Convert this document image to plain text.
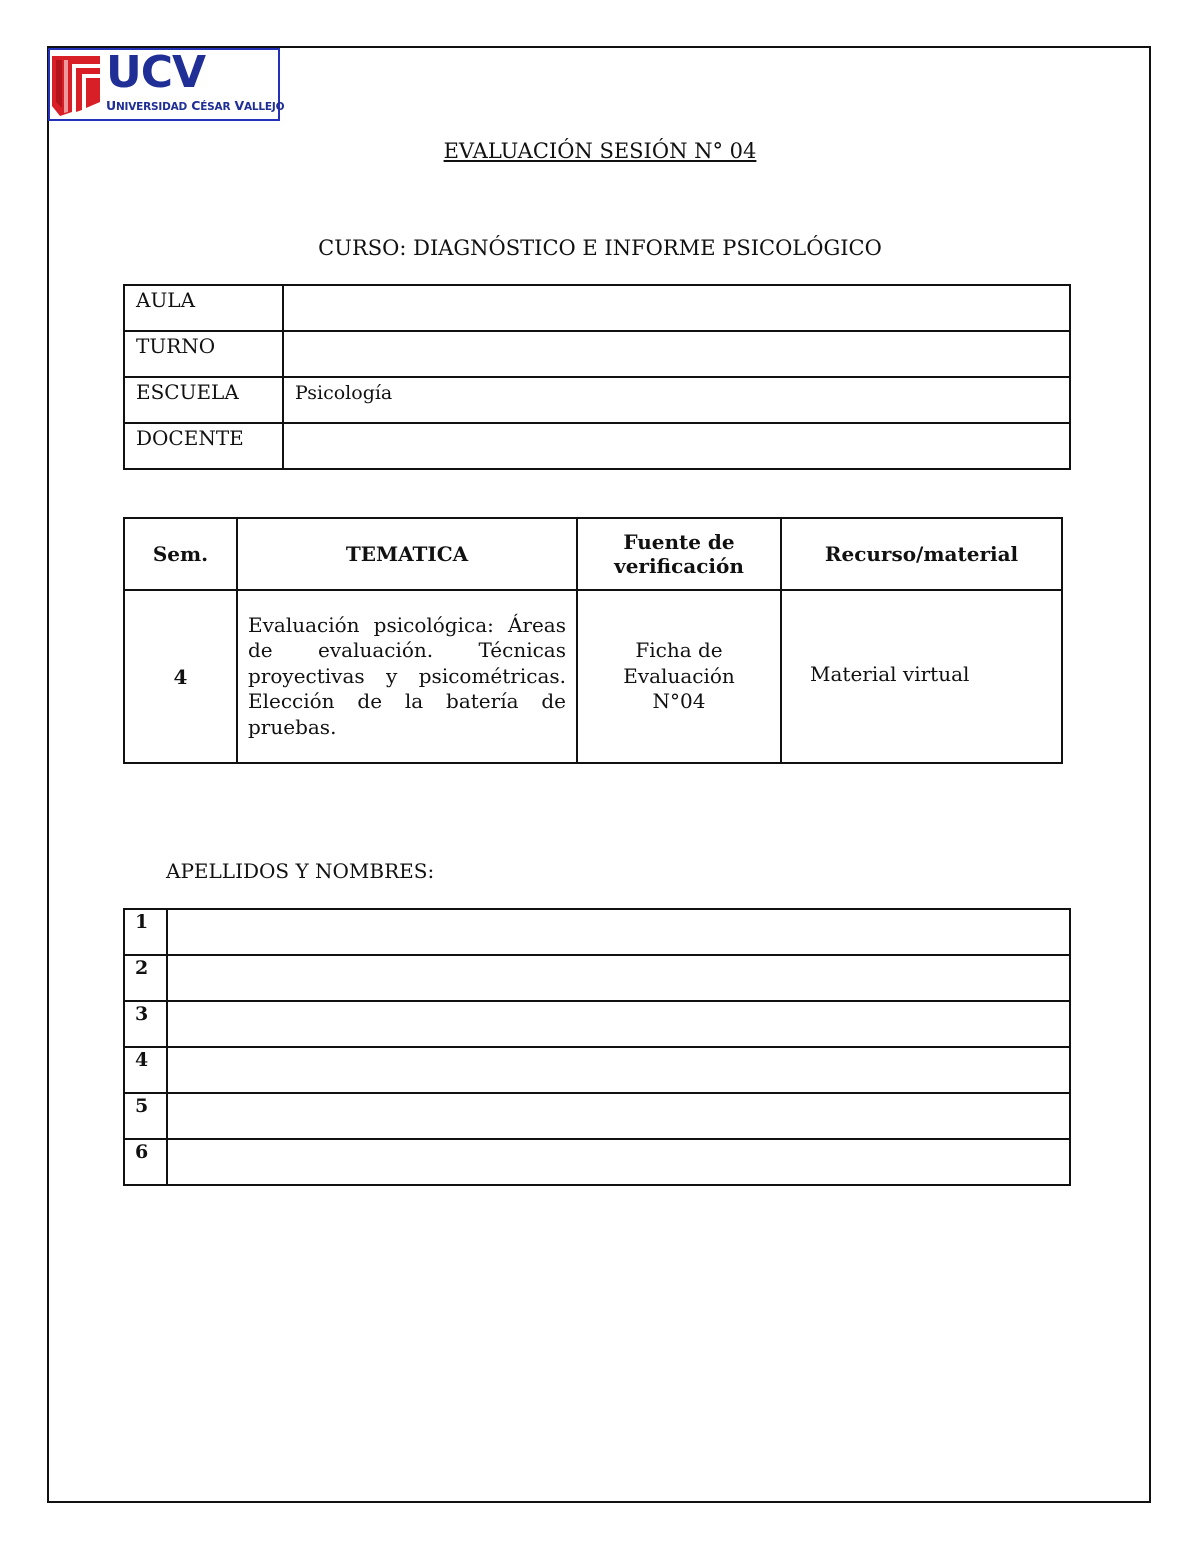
UCV
UNIVERSIDAD CÉSAR VALLEJO
EVALUACIÓN SESIÓN N° 04
CURSO: DIAGNÓSTICO E INFORME PSICOLÓGICO
AULA	
TURNO	
ESCUELA	Psicología
DOCENTE	
Sem.	TEMATICA	Fuente de verificación	Recurso/material
4	Evaluación psicológica: Áreas de evaluación. Técnicas proyectivas y psicométricas. Elección de la batería de pruebas.	Ficha de Evaluación N°04	Material virtual
APELLIDOS Y NOMBRES:
1	
2	
3	
4	
5	
6	
